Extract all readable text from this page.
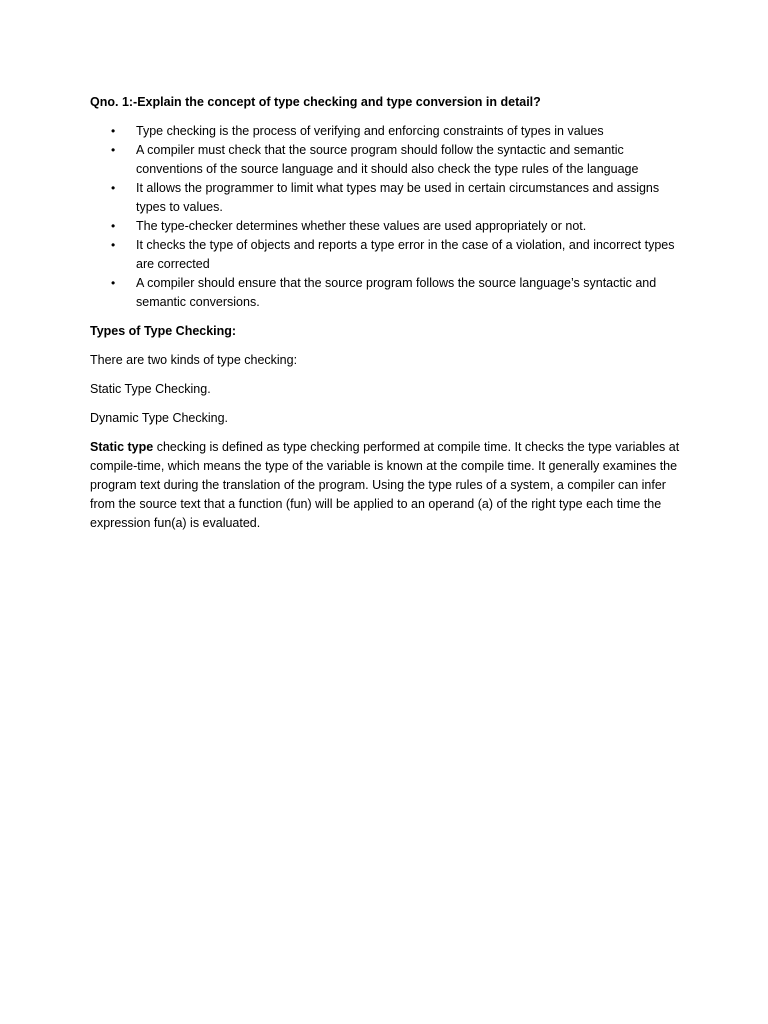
Qno. 1:-Explain the concept of type checking and type conversion in detail?

• Type checking is the process of verifying and enforcing constraints of types in values
• A compiler must check that the source program should follow the syntactic and semantic conventions of the source language and it should also check the type rules of the language
• It allows the programmer to limit what types may be used in certain circumstances and assigns types to values.
• The type-checker determines whether these values are used appropriately or not.
• It checks the type of objects and reports a type error in the case of a violation, and incorrect types are corrected
• A compiler should ensure that the source program follows the source language’s syntactic and semantic conversions.

Types of Type Checking:

There are two kinds of type checking:

Static Type Checking.

Dynamic Type Checking.

Static type checking is defined as type checking performed at compile time. It checks the type variables at compile-time, which means the type of the variable is known at the compile time. It generally examines the program text during the translation of the program. Using the type rules of a system, a compiler can infer from the source text that a function (fun) will be applied to an operand (a) of the right type each time the expression fun(a) is evaluated.
